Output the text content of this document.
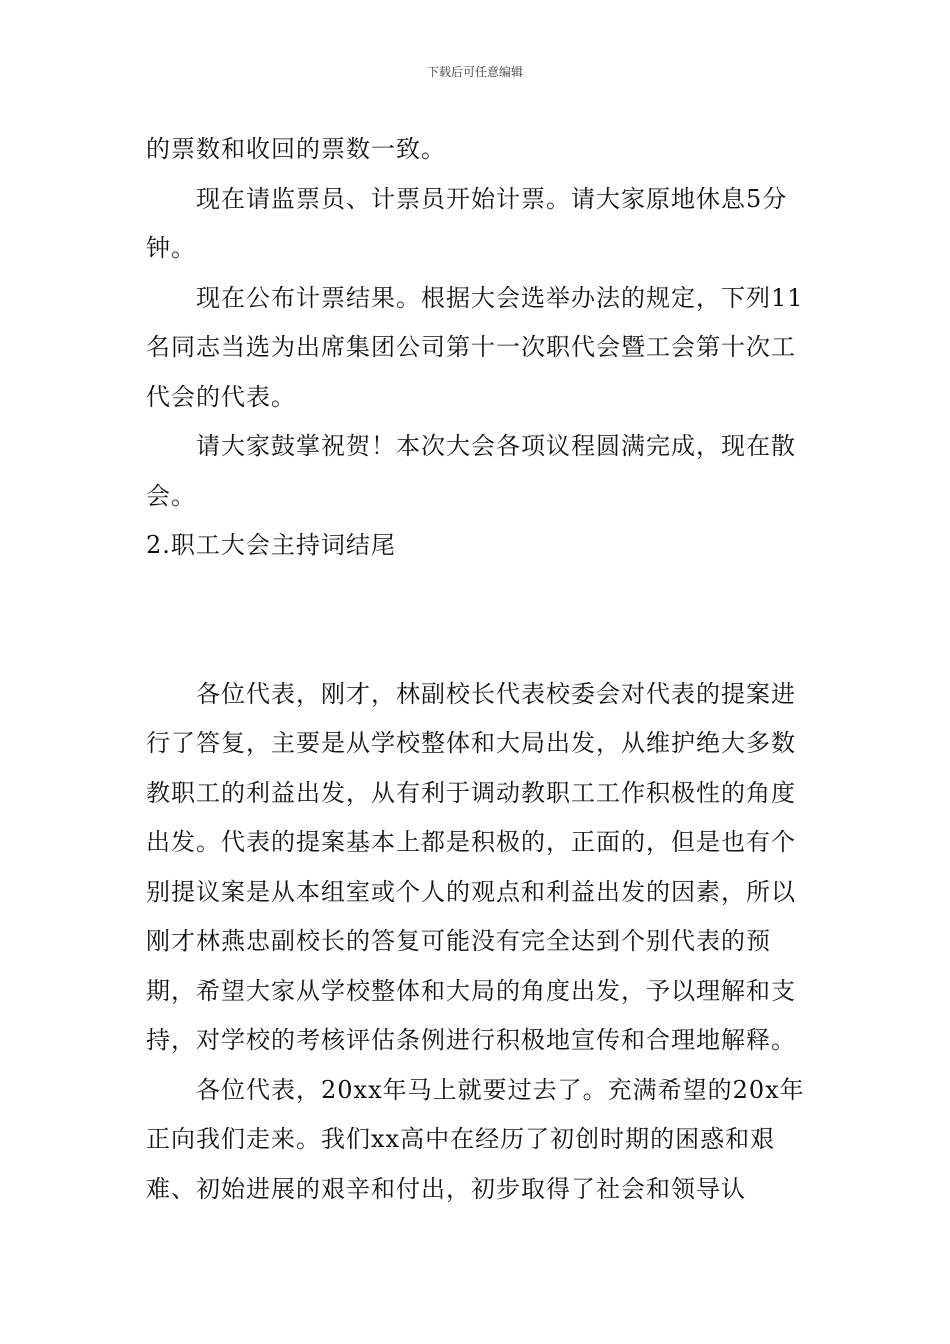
下载后可任意编辑

的票数和收回的票数一致。

现在请监票员、计票员开始计票。请大家原地休息5分钟。

现在公布计票结果。根据大会选举办法的规定，下列11名同志当选为出席集团公司第十一次职代会暨工会第十次工代会的代表。

请大家鼓掌祝贺！本次大会各项议程圆满完成，现在散会。

2.职工大会主持词结尾

各位代表，刚才，林副校长代表校委会对代表的提案进行了答复，主要是从学校整体和大局出发，从维护绝大多数教职工的利益出发，从有利于调动教职工工作积极性的角度出发。代表的提案基本上都是积极的，正面的，但是也有个别提议案是从本组室或个人的观点和利益出发的因素，所以刚才林燕忠副校长的答复可能没有完全达到个别代表的预期，希望大家从学校整体和大局的角度出发，予以理解和支持，对学校的考核评估条例进行积极地宣传和合理地解释。

各位代表，20xx年马上就要过去了。充满希望的20x年正向我们走来。我们xx高中在经历了初创时期的困惑和艰难、初始进展的艰辛和付出，初步取得了社会和领导认
